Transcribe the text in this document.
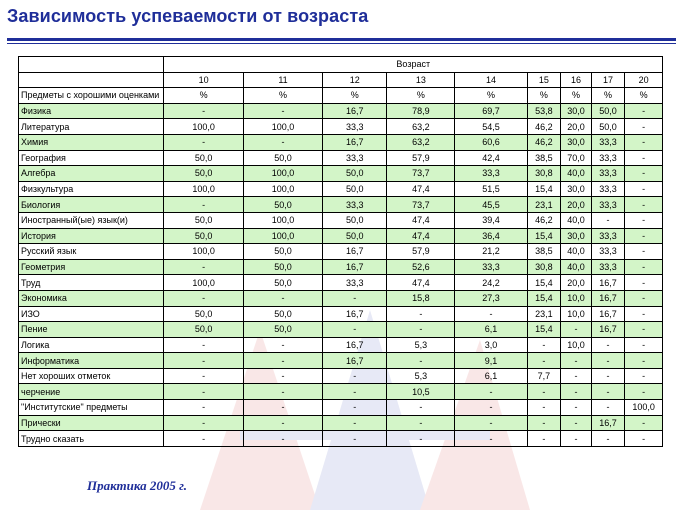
Зависимость успеваемости от возраста
	Возраст								
	10	11	12	13	14	15	16	17	20
Предметы с хорошими оценками	%	%	%	%	%	%	%	%	%
Физика	-	-	16,7	78,9	69,7	53,8	30,0	50,0	-
Литература	100,0	100,0	33,3	63,2	54,5	46,2	20,0	50,0	-
Химия	-	-	16,7	63,2	60,6	46,2	30,0	33,3	-
География	50,0	50,0	33,3	57,9	42,4	38,5	70,0	33,3	-
Алгебра	50,0	100,0	50,0	73,7	33,3	30,8	40,0	33,3	-
Физкультура	100,0	100,0	50,0	47,4	51,5	15,4	30,0	33,3	-
Биология	-	50,0	33,3	73,7	45,5	23,1	20,0	33,3	-
Иностранный(ые) язык(и)	50,0	100,0	50,0	47,4	39,4	46,2	40,0	-	-
История	50,0	100,0	50,0	47,4	36,4	15,4	30,0	33,3	-
Русский язык	100,0	50,0	16,7	57,9	21,2	38,5	40,0	33,3	-
Геометрия	-	50,0	16,7	52,6	33,3	30,8	40,0	33,3	-
Труд	100,0	50,0	33,3	47,4	24,2	15,4	20,0	16,7	-
Экономика	-	-	-	15,8	27,3	15,4	10,0	16,7	-
ИЗО	50,0	50,0	16,7	-	-	23,1	10,0	16,7	-
Пение	50,0	50,0	-	-	6,1	15,4	-	16,7	-
Логика	-	-	16,7	5,3	3,0	-	10,0	-	-
Информатика	-	-	16,7	-	9,1	-	-	-	-
Нет хороших отметок	-	-	-	5,3	6,1	7,7	-	-	-
черчение	-	-	-	10,5	-	-	-	-	-
"Институтские" предметы	-	-	-	-	-	-	-	-	100,0
Прически	-	-	-	-	-	-	-	16,7	-
Трудно сказать	-	-	-	-	-	-	-	-	-
Практика 2005 г.
